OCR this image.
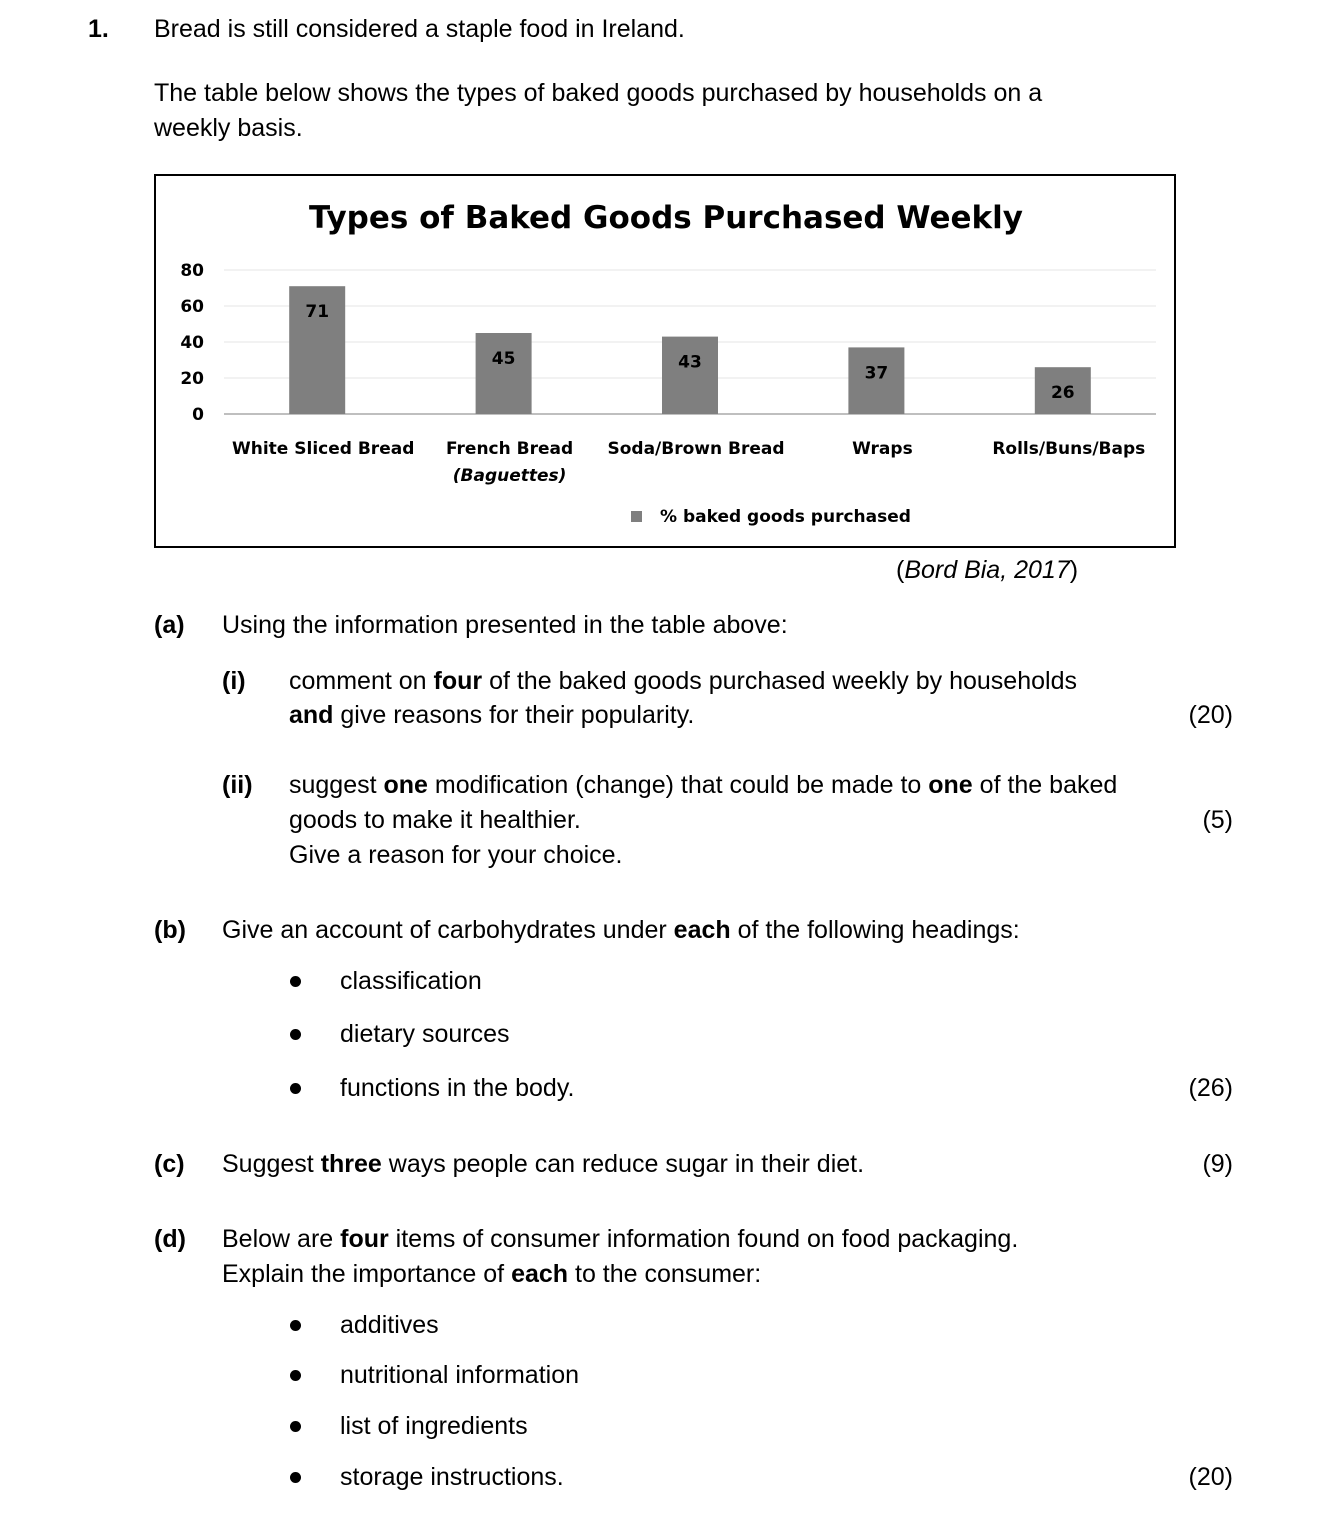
1. Bread is still considered a staple food in Ireland.
The table below shows the types of baked goods purchased by households on a
weekly basis.
Types of Baked Goods Purchased Weekly
0
20
40
60
80
71
45	43
37
26
White Sliced Bread French Bread
(Baguettes)
Soda/Brown Bread	Wraps	Rolls/Buns/Baps
% baked goods purchased
(Bord Bia, 2017)
(a) Using the information presented in the table above:
(i) comment on four of the baked goods purchased weekly by households
and give reasons for their popularity.	(20)
(ii) suggest one modification (change) that could be made to one of the baked
goods to make it healthier.
Give a reason for your choice.
(5)
(b) Give an account of carbohydrates under each of the following headings:
classification
dietary sources
functions in the body.	(26)
(c) Suggest three ways people can reduce sugar in their diet.	(9)
(d) Below are four items of consumer information found on food packaging.
Explain the importance of each to the consumer:
additives
nutritional information
list of ingredients
storage instructions.	(20)
